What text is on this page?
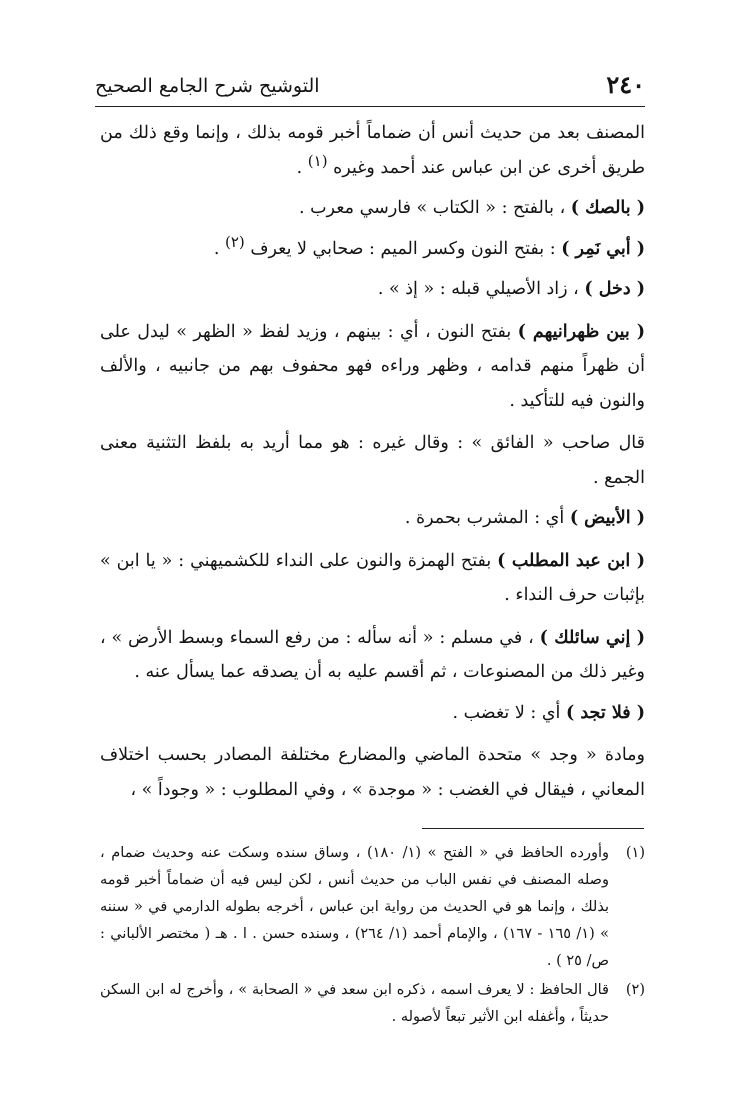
٢٤٠
التوشيح شرح الجامع الصحيح

المصنف بعد من حديث أنس أن ضماماً أخبر قومه بذلك ، وإنما وقع ذلك من طريق أخرى عن ابن عباس عند أحمد وغيره (١) .

( بالصك ) ، بالفتح : « الكتاب » فارسي معرب .

( أبي نَمِر ) : بفتح النون وكسر الميم : صحابي لا يعرف (٢) .

( دخل ) ، زاد الأصيلي قبله : « إذ » .

( بين ظهرانيهم ) بفتح النون ، أي : بينهم ، وزيد لفظ « الظهر » ليدل على أن ظهراً منهم قدامه ، وظهر وراءه فهو محفوف بهم من جانبيه ، والألف والنون فيه للتأكيد .

قال صاحب « الفائق » : وقال غيره : هو مما أريد به بلفظ التثنية معنى الجمع .

( الأبيض ) أي : المشرب بحمرة .

( ابن عبد المطلب ) بفتح الهمزة والنون على النداء للكشميهني : « يا ابن » بإثبات حرف النداء .

( إني سائلك ) ، في مسلم : « أنه سأله : من رفع السماء وبسط الأرض » ، وغير ذلك من المصنوعات ، ثم أقسم عليه به أن يصدقه عما يسأل عنه .

( فلا تجد ) أي : لا تغضب .

ومادة « وجد » متحدة الماضي والمضارع مختلفة المصادر بحسب اختلاف المعاني ، فيقال في الغضب : « موجدة » ، وفي المطلوب : « وجوداً » ،

(١)
وأورده الحافظ في « الفتح » (١/ ١٨٠) ، وساق سنده وسكت عنه وحديث ضمام ، وصله المصنف في نفس الباب من حديث أنس ، لكن ليس فيه أن ضماماً أخبر قومه بذلك ، وإنما هو في الحديث من رواية ابن عباس ، أخرجه بطوله الدارمي في « سننه » (١/ ١٦٥ - ١٦٧) ، والإمام أحمد (١/ ٢٦٤) ، وسنده حسن . ا . هـ ( مختصر الألباني : ص/ ٢٥ ) .
(٢)
قال الحافظ : لا يعرف اسمه ، ذكره ابن سعد في « الصحابة » ، وأخرج له ابن السكن حديثاً ، وأغفله ابن الأثير تبعاً لأصوله .
